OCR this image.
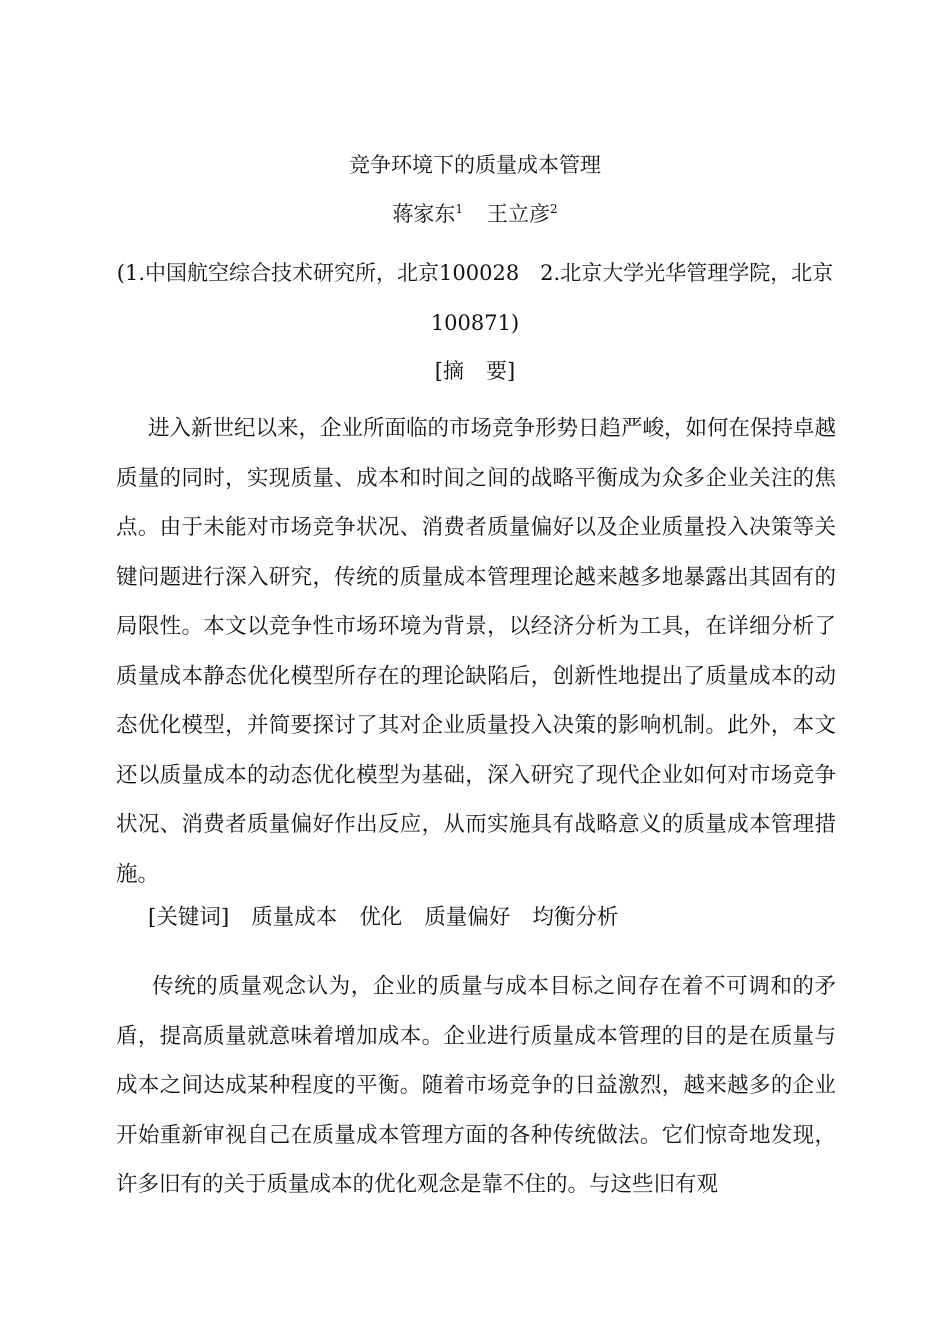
竞争环境下的质量成本管理
蒋家东$^1$ 王立彦$^2$
(1.中国航空综合技术研究所，北京100028　2.北京大学光华管理学院，北京100871)
[摘 要]

进入新世纪以来，企业所面临的市场竞争形势日趋严峻，如何在保持卓越质量的同时，实现质量、成本和时间之间的战略平衡成为众多企业关注的焦点。由于未能对市场竞争状况、消费者质量偏好以及企业质量投入决策等关键问题进行深入研究，传统的质量成本管理理论越来越多地暴露出其固有的局限性。本文以竞争性市场环境为背景，以经济分析为工具，在详细分析了质量成本静态优化模型所存在的理论缺陷后，创新性地提出了质量成本的动态优化模型，并简要探讨了其对企业质量投入决策的影响机制。此外，本文还以质量成本的动态优化模型为基础，深入研究了现代企业如何对市场竞争状况、消费者质量偏好作出反应，从而实施具有战略意义的质量成本管理措施。

[关键词] 质量成本 优化 质量偏好 均衡分析

传统的质量观念认为，企业的质量与成本目标之间存在着不可调和的矛盾，提高质量就意味着增加成本。企业进行质量成本管理的目的是在质量与成本之间达成某种程度的平衡。随着市场竞争的日益激烈，越来越多的企业开始重新审视自己在质量成本管理方面的各种传统做法。它们惊奇地发现，许多旧有的关于质量成本的优化观念是靠不住的。与这些旧有观
